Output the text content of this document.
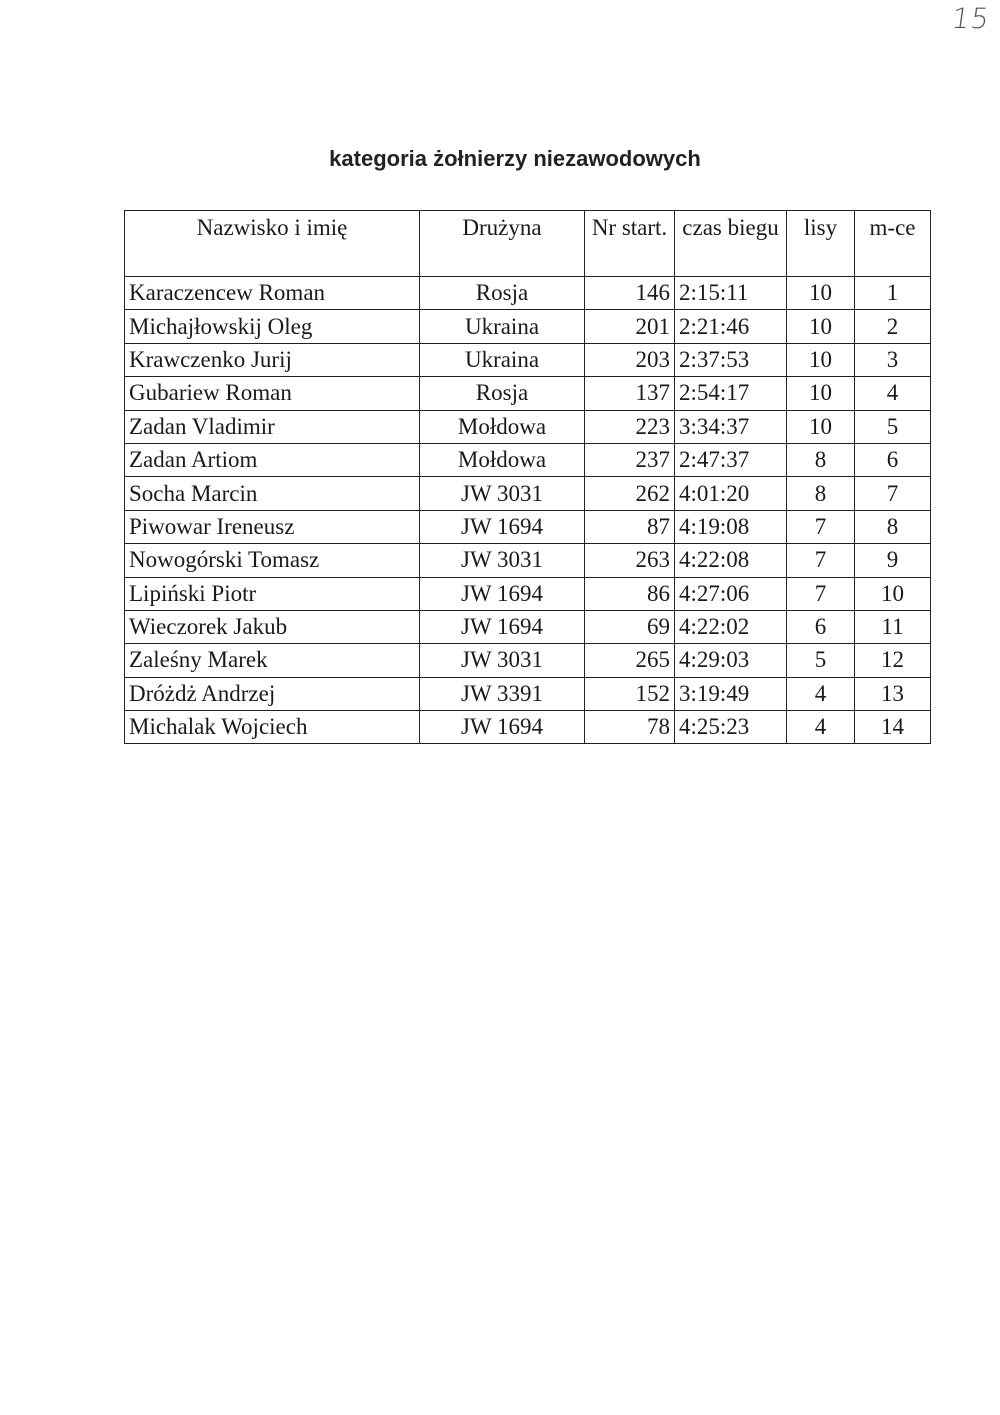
15
kategoria żołnierzy niezawodowych
Nazwisko i imię	Drużyna	Nr start.	czas biegu	lisy	m-ce
Karaczencew Roman	Rosja	146	2:15:11	10	1
Michajłowskij Oleg	Ukraina	201	2:21:46	10	2
Krawczenko Jurij	Ukraina	203	2:37:53	10	3
Gubariew Roman	Rosja	137	2:54:17	10	4
Zadan Vladimir	Mołdowa	223	3:34:37	10	5
Zadan Artiom	Mołdowa	237	2:47:37	8	6
Socha Marcin	JW 3031	262	4:01:20	8	7
Piwowar Ireneusz	JW 1694	87	4:19:08	7	8
Nowogórski Tomasz	JW 3031	263	4:22:08	7	9
Lipiński Piotr	JW 1694	86	4:27:06	7	10
Wieczorek Jakub	JW 1694	69	4:22:02	6	11
Zaleśny Marek	JW 3031	265	4:29:03	5	12
Dróżdż Andrzej	JW 3391	152	3:19:49	4	13
Michalak Wojciech	JW 1694	78	4:25:23	4	14
